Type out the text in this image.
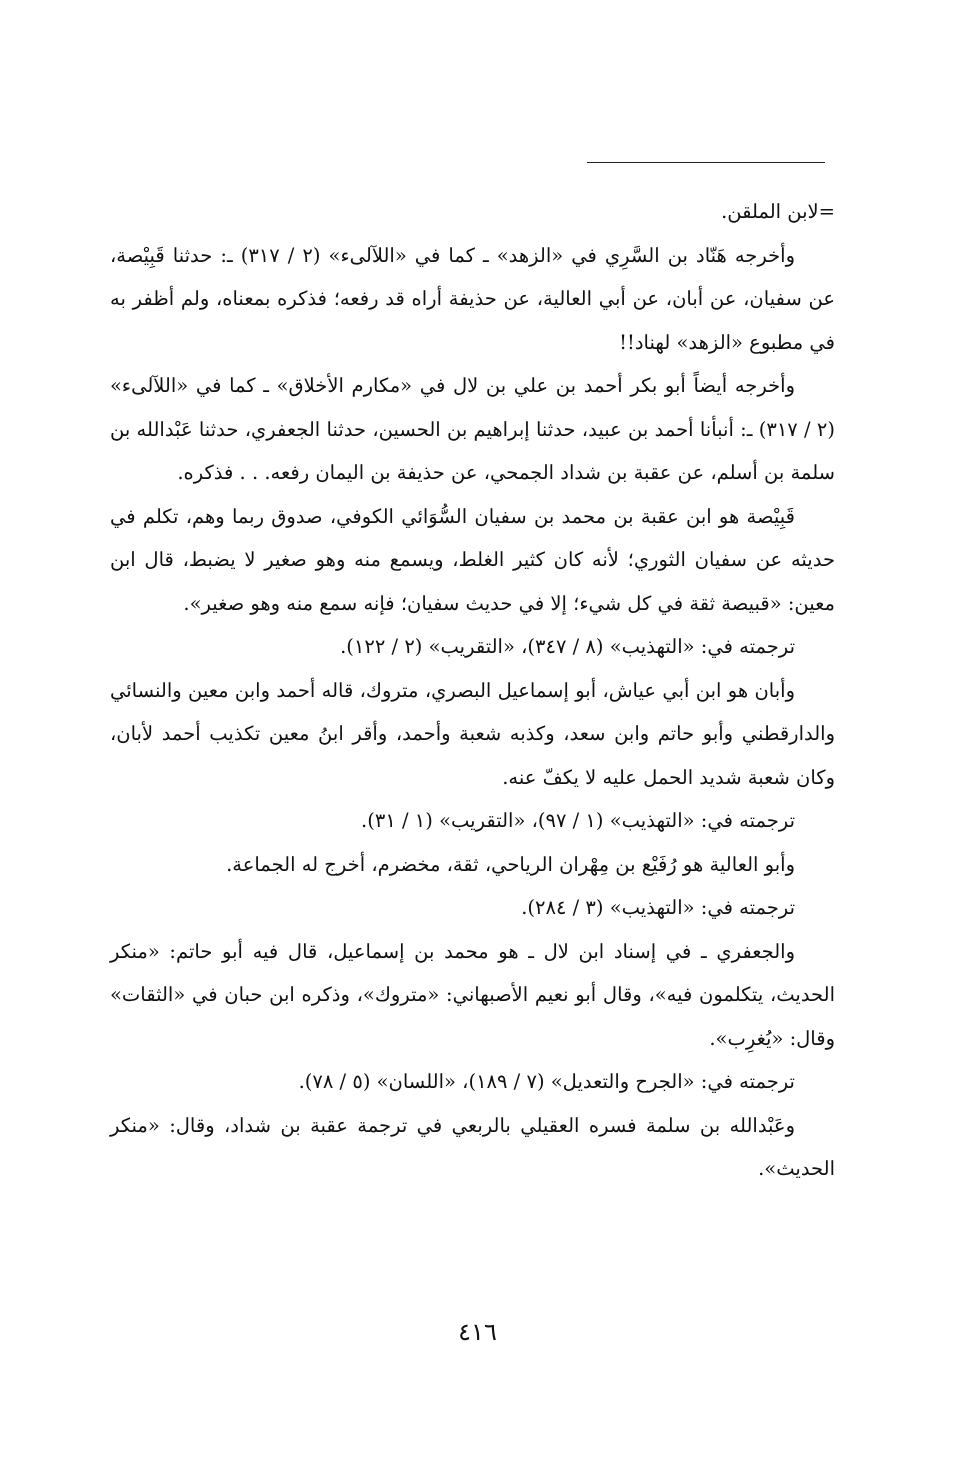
=لابن الملقن.

وأخرجه هَنّاد بن السَّرِي في «الزهد» ـ كما في «اللآلىء» (٢ / ٣١٧) ـ: حدثنا قَبِيْصة، عن سفيان، عن أبان، عن أبي العالية، عن حذيفة أراه قد رفعه؛ فذكره بمعناه، ولم أظفر به في مطبوع «الزهد» لهناد!!

وأخرجه أيضاً أبو بكر أحمد بن علي بن لال في «مكارم الأخلاق» ـ كما في «اللآلىء» (٢ / ٣١٧) ـ: أنبأنا أحمد بن عبيد، حدثنا إبراهيم بن الحسين، حدثنا الجعفري، حدثنا عَبْدالله بن سلمة بن أسلم، عن عقبة بن شداد الجمحي، عن حذيفة بن اليمان رفعه. . . فذكره.

قَبِيْصة هو ابن عقبة بن محمد بن سفيان السُّوَائي الكوفي، صدوق ربما وهم، تكلم في حديثه عن سفيان الثوري؛ لأنه كان كثير الغلط، ويسمع منه وهو صغير لا يضبط، قال ابن معين: «قبيصة ثقة في كل شيء؛ إلا في حديث سفيان؛ فإنه سمع منه وهو صغير».

ترجمته في: «التهذيب» (٨ / ٣٤٧)، «التقريب» (٢ / ١٢٢).

وأبان هو ابن أبي عياش، أبو إسماعيل البصري، متروك، قاله أحمد وابن معين والنسائي والدارقطني وأبو حاتم وابن سعد، وكذبه شعبة وأحمد، وأقر ابنُ معين تكذيب أحمد لأبان، وكان شعبة شديد الحمل عليه لا يكفّ عنه.

ترجمته في: «التهذيب» (١ / ٩٧)، «التقريب» (١ / ٣١).

وأبو العالية هو رُفَيْع بن مِهْران الرياحي، ثقة، مخضرم، أخرج له الجماعة.

ترجمته في: «التهذيب» (٣ / ٢٨٤).

والجعفري ـ في إسناد ابن لال ـ هو محمد بن إسماعيل، قال فيه أبو حاتم: «منكر الحديث، يتكلمون فيه»، وقال أبو نعيم الأصبهاني: «متروك»، وذكره ابن حبان في «الثقات» وقال: «يُغرِب».

ترجمته في: «الجرح والتعديل» (٧ / ١٨٩)، «اللسان» (٥ / ٧٨).

وعَبْدالله بن سلمة فسره العقيلي بالربعي في ترجمة عقبة بن شداد، وقال: «منكر الحديث».

٤١٦
